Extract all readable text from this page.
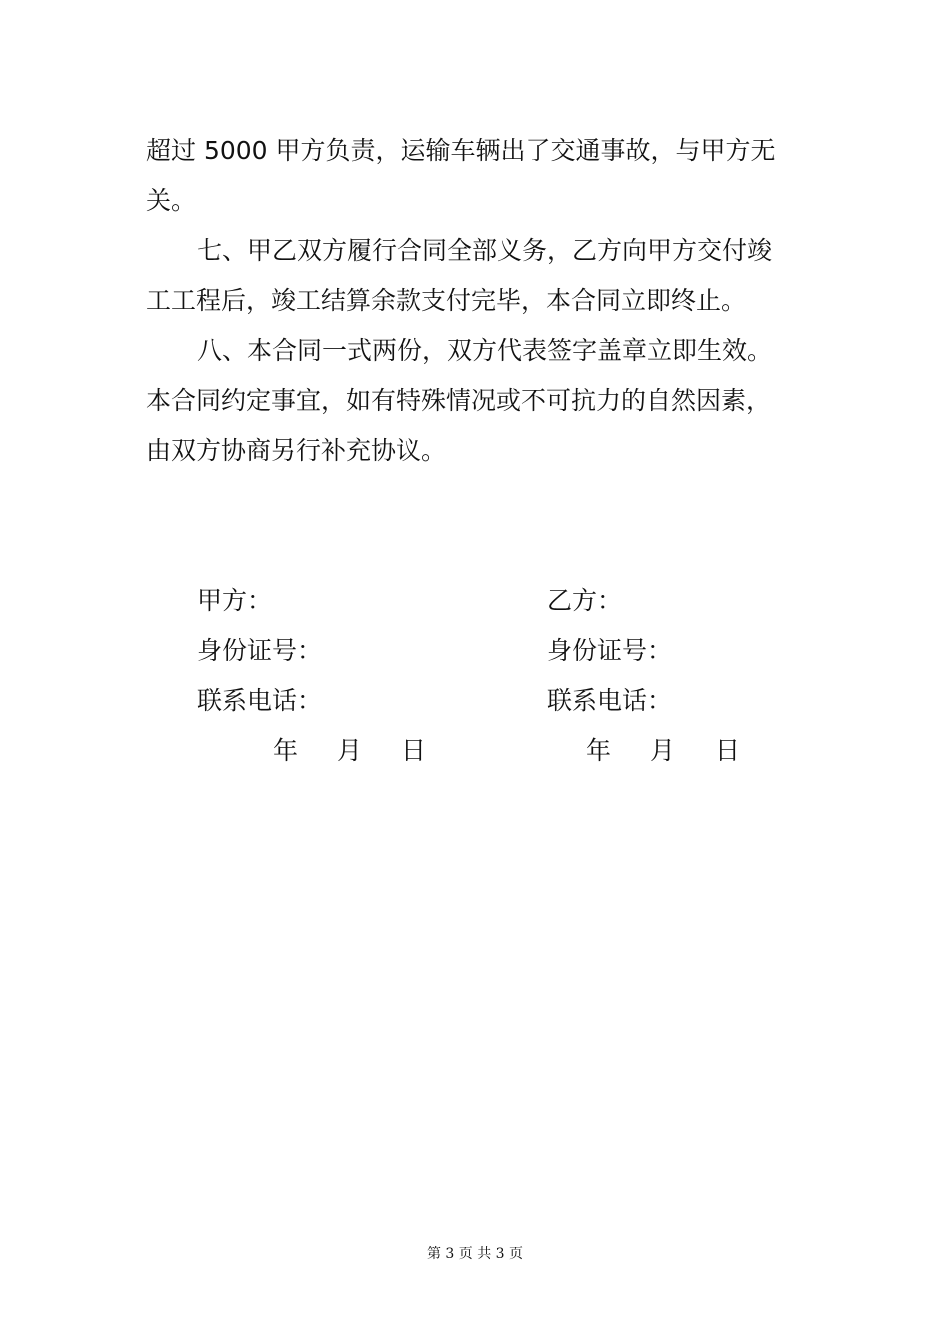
超过 5000 甲方负责，运输车辆出了交通事故，与甲方无
关。
七、甲乙双方履行合同全部义务，乙方向甲方交付竣
工工程后，竣工结算余款支付完毕，本合同立即终止。
八、本合同一式两份，双方代表签字盖章立即生效。
本合同约定事宜，如有特殊情况或不可抗力的自然因素，
由双方协商另行补充协议。
甲方：
身份证号：
联系电话：
年 月 日
乙方：
身份证号：
联系电话：
年 月 日
第 3 页 共 3 页
